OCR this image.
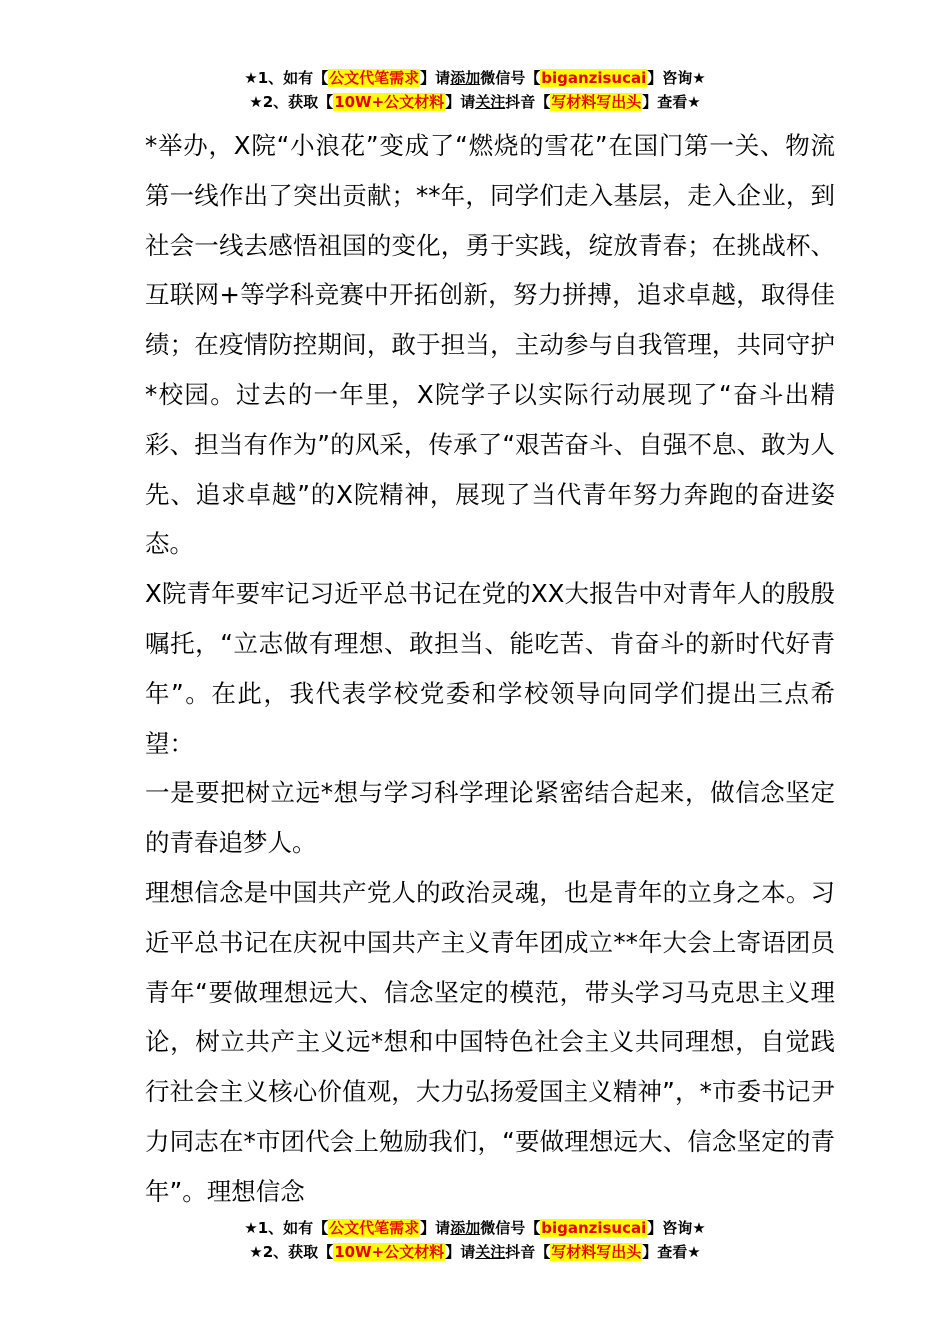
★1、如有【公文代笔需求】请添加微信号【biganzisucai】咨询★
★2、获取【10W+公文材料】请关注抖音【写材料写出头】查看★

*举办，X院“小浪花”变成了“燃烧的雪花”在国门第一关、物流第一线作出了突出贡献；**年，同学们走入基层，走入企业，到社会一线去感悟祖国的变化，勇于实践，绽放青春；在挑战杯、互联网+等学科竞赛中开拓创新，努力拼搏，追求卓越，取得佳绩；在疫情防控期间，敢于担当，主动参与自我管理，共同守护*校园。过去的一年里，X院学子以实际行动展现了“奋斗出精彩、担当有作为”的风采，传承了“艰苦奋斗、自强不息、敢为人先、追求卓越”的X院精神，展现了当代青年努力奔跑的奋进姿态。

X院青年要牢记习近平总书记在党的XX大报告中对青年人的殷殷嘱托，“立志做有理想、敢担当、能吃苦、肯奋斗的新时代好青年”。在此，我代表学校党委和学校领导向同学们提出三点希望：

一是要把树立远*想与学习科学理论紧密结合起来，做信念坚定的青春追梦人。

理想信念是中国共产党人的政治灵魂，也是青年的立身之本。习近平总书记在庆祝中国共产主义青年团成立**年大会上寄语团员青年“要做理想远大、信念坚定的模范，带头学习马克思主义理论，树立共产主义远*想和中国特色社会主义共同理想，自觉践行社会主义核心价值观，大力弘扬爱国主义精神”，*市委书记尹力同志在*市团代会上勉励我们，“要做理想远大、信念坚定的青年”。理想信念

★1、如有【公文代笔需求】请添加微信号【biganzisucai】咨询★
★2、获取【10W+公文材料】请关注抖音【写材料写出头】查看★
